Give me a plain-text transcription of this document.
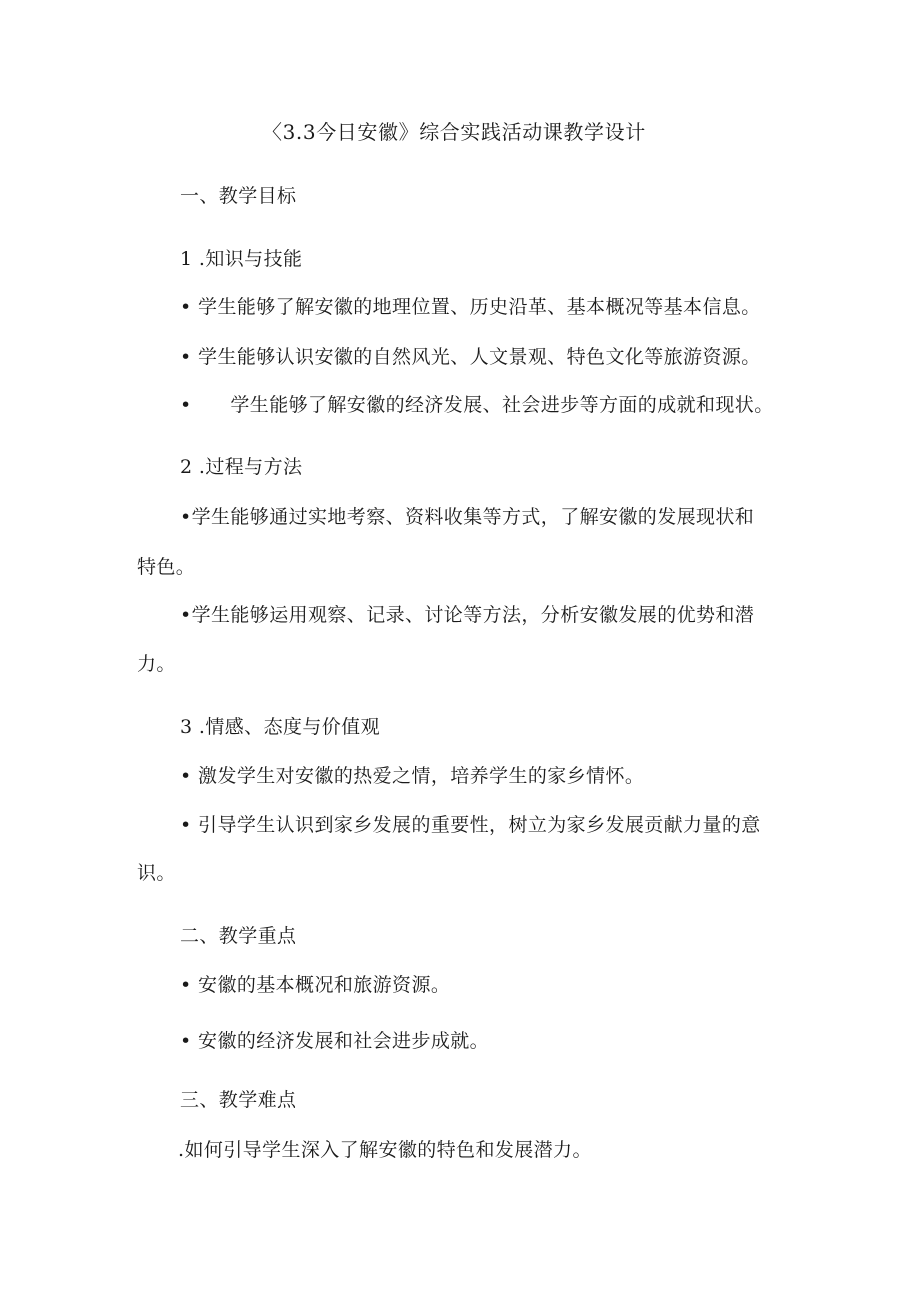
〈3.3今日安徽》综合实践活动课教学设计
一、教学目标
1 .知识与技能
• 学生能够了解安徽的地理位置、历史沿革、基本概况等基本信息。
• 学生能够认识安徽的自然风光、人文景观、特色文化等旅游资源。
•　　学生能够了解安徽的经济发展、社会进步等方面的成就和现状。
2 .过程与方法
•学生能够通过实地考察、资料收集等方式，了解安徽的发展现状和
特色。
•学生能够运用观察、记录、讨论等方法，分析安徽发展的优势和潜
力。
3 .情感、态度与价值观
• 激发学生对安徽的热爱之情，培养学生的家乡情怀。
• 引导学生认识到家乡发展的重要性，树立为家乡发展贡献力量的意
识。
二、教学重点
• 安徽的基本概况和旅游资源。
• 安徽的经济发展和社会进步成就。
三、教学难点
.如何引导学生深入了解安徽的特色和发展潜力。
